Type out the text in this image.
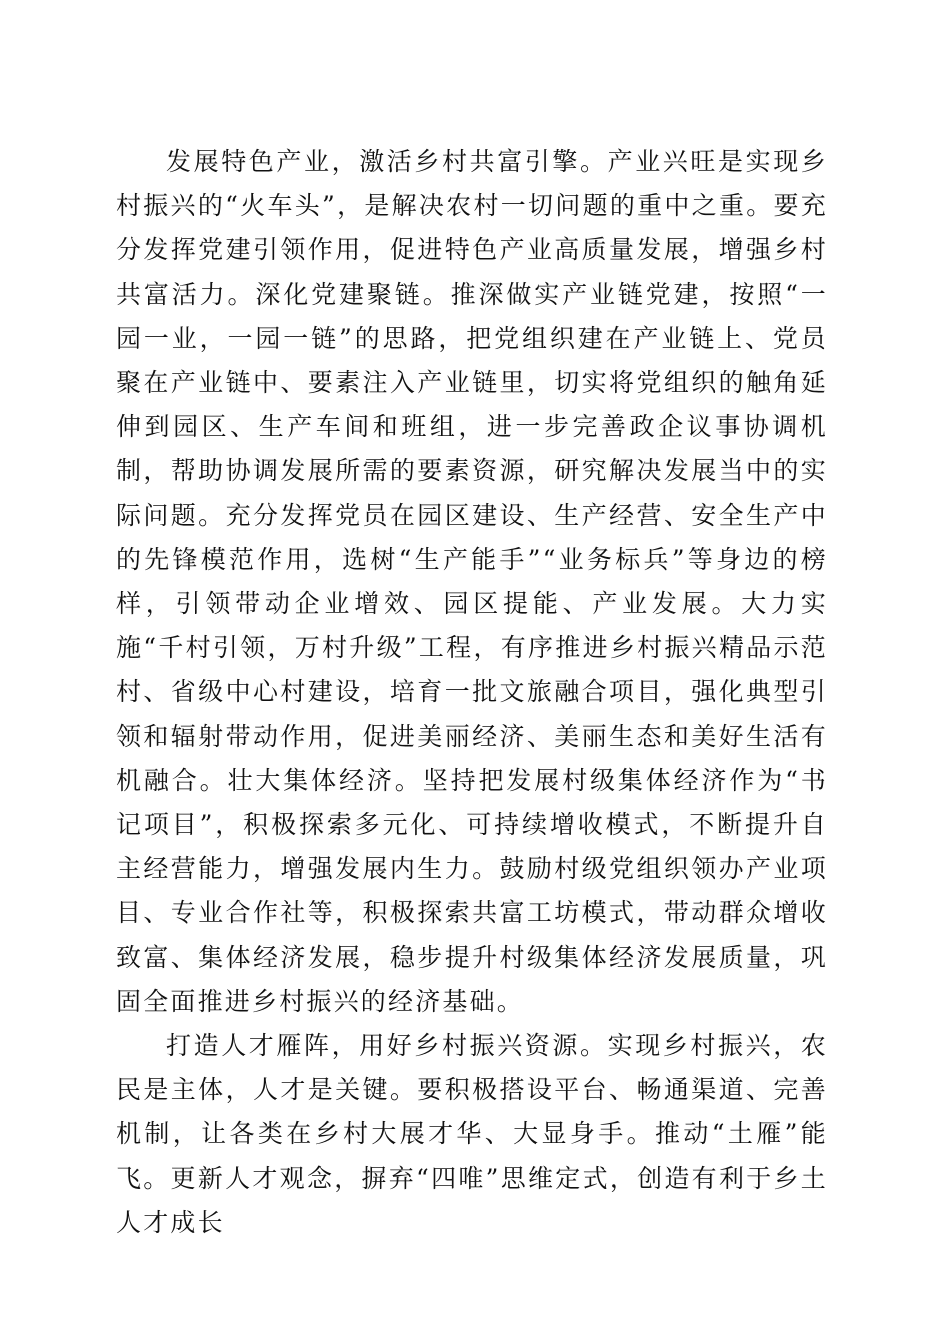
发展特色产业，激活乡村共富引擎。产业兴旺是实现乡村振兴的“火车头”，是解决农村一切问题的重中之重。要充分发挥党建引领作用，促进特色产业高质量发展，增强乡村共富活力。深化党建聚链。推深做实产业链党建，按照“一园一业，一园一链”的思路，把党组织建在产业链上、党员聚在产业链中、要素注入产业链里，切实将党组织的触角延伸到园区、生产车间和班组，进一步完善政企议事协调机制，帮助协调发展所需的要素资源，研究解决发展当中的实际问题。充分发挥党员在园区建设、生产经营、安全生产中的先锋模范作用，选树“生产能手”“业务标兵”等身边的榜样，引领带动企业增效、园区提能、产业发展。大力实施“千村引领，万村升级”工程，有序推进乡村振兴精品示范村、省级中心村建设，培育一批文旅融合项目，强化典型引领和辐射带动作用，促进美丽经济、美丽生态和美好生活有机融合。壮大集体经济。坚持把发展村级集体经济作为“书记项目”，积极探索多元化、可持续增收模式，不断提升自主经营能力，增强发展内生力。鼓励村级党组织领办产业项目、专业合作社等，积极探索共富工坊模式，带动群众增收致富、集体经济发展，稳步提升村级集体经济发展质量，巩固全面推进乡村振兴的经济基础。

打造人才雁阵，用好乡村振兴资源。实现乡村振兴，农民是主体，人才是关键。要积极搭设平台、畅通渠道、完善机制，让各类在乡村大展才华、大显身手。推动“土雁”能飞。更新人才观念，摒弃“四唯”思维定式，创造有利于乡土人才成长
